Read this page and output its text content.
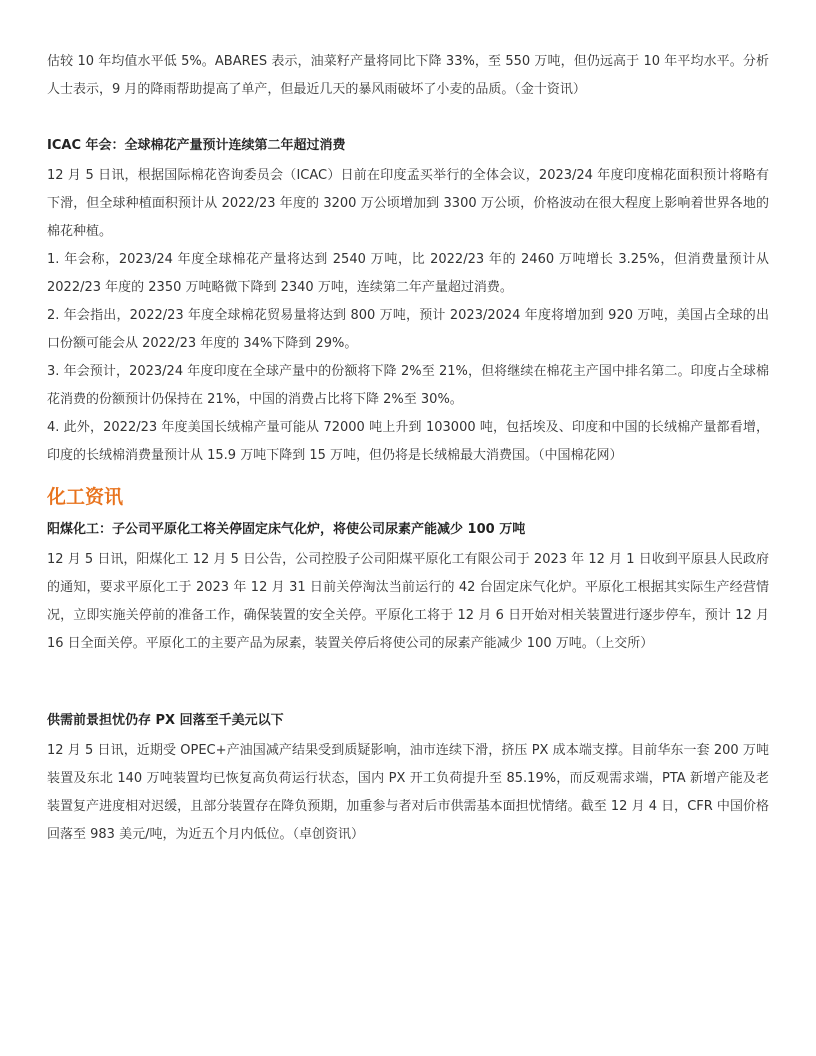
估较 10 年均值水平低 5%。ABARES 表示，油菜籽产量将同比下降 33%，至 550 万吨，但仍远高于 10 年平均水平。分析人士表示，9 月的降雨帮助提高了单产，但最近几天的暴风雨破坏了小麦的品质。（金十资讯）

ICAC 年会：全球棉花产量预计连续第二年超过消费

12 月 5 日讯，根据国际棉花咨询委员会（ICAC）日前在印度孟买举行的全体会议，2023/24 年度印度棉花面积预计将略有下滑，但全球种植面积预计从 2022/23 年度的 3200 万公顷增加到 3300 万公顷，价格波动在很大程度上影响着世界各地的棉花种植。

1. 年会称，2023/24 年度全球棉花产量将达到 2540 万吨，比 2022/23 年的 2460 万吨增长 3.25%，但消费量预计从 2022/23 年度的 2350 万吨略微下降到 2340 万吨，连续第二年产量超过消费。

2. 年会指出，2022/23 年度全球棉花贸易量将达到 800 万吨，预计 2023/2024 年度将增加到 920 万吨，美国占全球的出口份额可能会从 2022/23 年度的 34%下降到 29%。

3. 年会预计，2023/24 年度印度在全球产量中的份额将下降 2%至 21%，但将继续在棉花主产国中排名第二。印度占全球棉花消费的份额预计仍保持在 21%，中国的消费占比将下降 2%至 30%。

4. 此外，2022/23 年度美国长绒棉产量可能从 72000 吨上升到 103000 吨，包括埃及、印度和中国的长绒棉产量都看增，印度的长绒棉消费量预计从 15.9 万吨下降到 15 万吨，但仍将是长绒棉最大消费国。（中国棉花网）

化工资讯

阳煤化工：子公司平原化工将关停固定床气化炉，将使公司尿素产能减少 100 万吨

12 月 5 日讯，阳煤化工 12 月 5 日公告，公司控股子公司阳煤平原化工有限公司于 2023 年 12 月 1 日收到平原县人民政府的通知，要求平原化工于 2023 年 12 月 31 日前关停淘汰当前运行的 42 台固定床气化炉。平原化工根据其实际生产经营情况，立即实施关停前的准备工作，确保装置的安全关停。平原化工将于 12 月 6 日开始对相关装置进行逐步停车，预计 12 月 16 日全面关停。平原化工的主要产品为尿素，装置关停后将使公司的尿素产能减少 100 万吨。（上交所）

供需前景担忧仍存 PX 回落至千美元以下

12 月 5 日讯，近期受 OPEC+产油国减产结果受到质疑影响，油市连续下滑，挤压 PX 成本端支撑。目前华东一套 200 万吨装置及东北 140 万吨装置均已恢复高负荷运行状态，国内 PX 开工负荷提升至 85.19%，而反观需求端，PTA 新增产能及老装置复产进度相对迟缓，且部分装置存在降负预期，加重参与者对后市供需基本面担忧情绪。截至 12 月 4 日，CFR 中国价格回落至 983 美元/吨，为近五个月内低位。（卓创资讯）
